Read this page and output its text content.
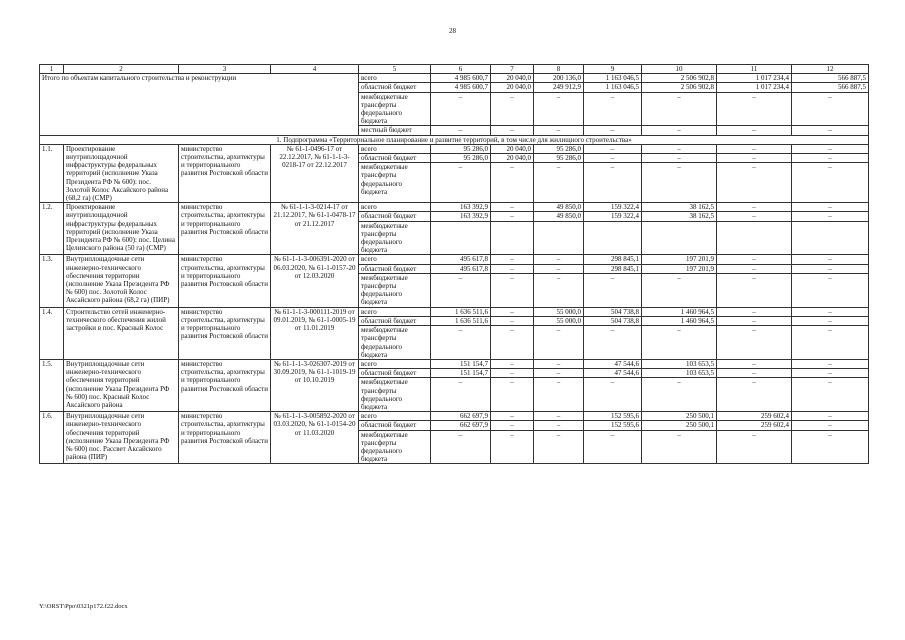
28
1	2	3	4	5	6	7	8	9	10	11	12
Итого по объектам капитального строительства и реконструкции				всего	4 985 600,7	20 040,0	200 136,0	1 163 046,5	2 506 902,8	1 017 234,4	566 887,5
				областной бюджет	4 985 600,7	20 040,0	249 912,9	1 163 046,5	2 506 902,8	1 017 234,4	566 887,5
				межбюджетные трансферты федерального бюджета	–	–	–	–	–	–	–
				местный бюджет	–	–	–	–	–	–	–
1. Подпрограмма «Территориальное планирование и развитие территорий, в том числе для жилищного строительства»											
1.1.	Проектирование внутриплощадочной инфраструктуры федеральных территорий (исполнение Указа Президента РФ № 600): пос. Золотой Колос Аксайского района (68,2 га) (СМР)	министерство строительства, архитектуры и территориального развития Ростовской области	№ 61-1-0496-17 от 22.12.2017, № 61-1-1-3-0218-17 от 22.12.2017	всего	95 286,0	20 040,0	95 286,0	–	–	–	–
				областной бюджет	95 286,0	20 040,0	95 286,0	–	–	–	–
				межбюджетные трансферты федерального бюджета	–	–	–	–	–	–	–
1.2.	Проектирование внутриплощадочной инфраструктуры федеральных территорий (исполнение Указа Президента РФ № 600): пос. Целина Целинского района (50 га) (СМР)	министерство строительства, архитектуры и территориального развития Ростовской области	№ 61-1-1-3-0214-17 от 21.12.2017, № 61-1-0478-17 от 21.12.2017	всего	163 392,9	–	49 850,0	159 322,4	38 162,5	–	–
				областной бюджет	163 392,9	–	49 850,0	159 322,4	38 162,5	–	–
				межбюджетные трансферты федерального бюджета							
1.3.	Внутриплощадочные сети инженерно-технического обеспечения территории (исполнение Указа Президента РФ № 600) пос. Золотой Колос Аксайского района (68,2 га) (ПИР)	министерство строительства, архитектуры и территориального развития Ростовской области	№ 61-1-1-3-006391-2020 от 06.03.2020, № 61-1-0157-20 от 12.03.2020	всего	495 617,8	–	–	298 845,1	197 201,9	–	–
				областной бюджет	495 617,8	–	–	298 845,1	197 201,9	–	–
				межбюджетные трансферты федерального бюджета	–	–	–	–	–	–	–
1.4.	Строительство сетей инженерно-технического обеспечения жилой застройки в пос. Красный Колос	министерство строительства, архитектуры и территориального развития Ростовской области	№ 61-1-1-3-000111-2019 от 09.01.2019, № 61-1-0005-19 от 11.01.2019	всего	1 636 511,6	–	55 000,0	504 738,8	1 460 964,5	–	–
				областной бюджет	1 636 511,6	–	55 000,0	504 738,8	1 460 964,5	–	–
				межбюджетные трансферты федерального бюджета	–	–	–	–	–	–	–
1.5.	Внутриплощадочные сети инженерно-технического обеспечения территорий (исполнение Указа Президента РФ № 600) пос. Красный Колос Аксайского района	министерство строительства, архитектуры и территориального развития Ростовской области	№ 61-1-1-3-026307-2019 от 30.09.2019, № 61-1-1019-19 от 10.10.2019	всего	151 154,7	–	–	47 544,6	103 653,5	–	–
				областной бюджет	151 154,7	–	–	47 544,6	103 653,5	–	–
				межбюджетные трансферты федерального бюджета	–	–	–	–	–	–	–
1.6.	Внутриплощадочные сети инженерно-технического обеспечения территорий (исполнение Указа Президента РФ № 600) пос. Рассвет Аксайского района (ПИР)	министерство строительства, архитектуры и территориального развития Ростовской области	№ 61-1-1-3-005892-2020 от 03.03.2020, № 61-1-0154-20 от 11.03.2020	всего	662 697,9	–	–	152 595,6	250 500,1	259 602,4	–
				областной бюджет	662 697,9	–	–	152 595,6	250 500,1	259 602,4	–
				межбюджетные трансферты федерального бюджета	–	–	–	–	–	–	–
Y:\ORST\Ppo\0321p172.f22.docx
